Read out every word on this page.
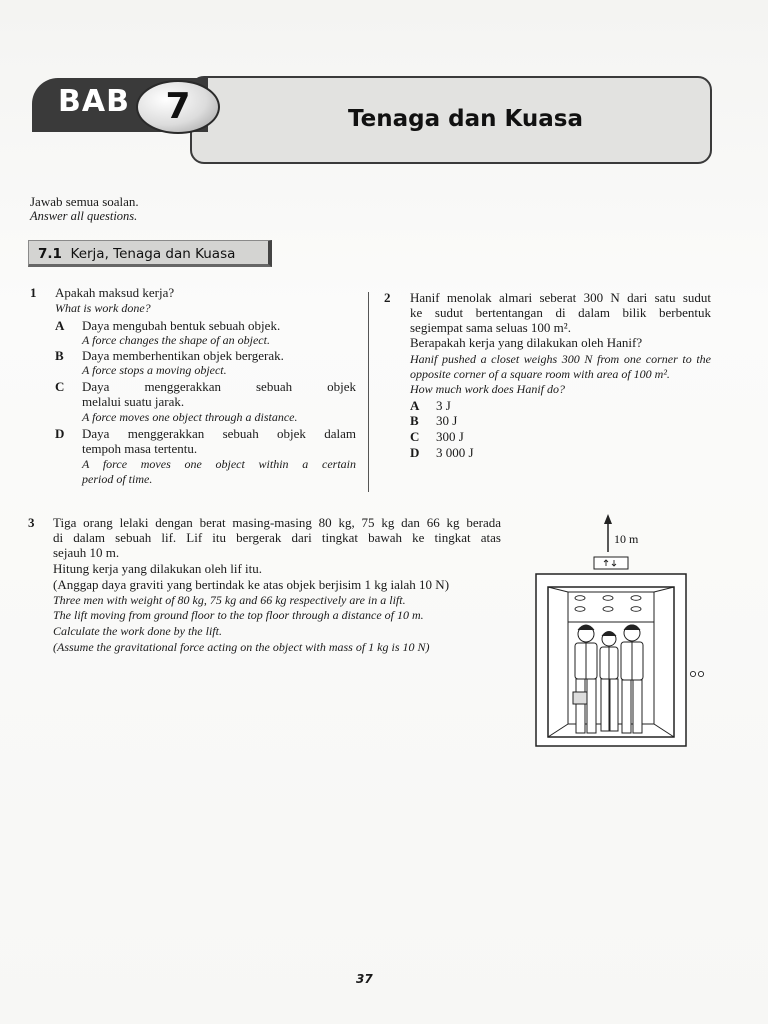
BAB 7	Tenaga dan Kuasa
Jawab semua soalan.
Answer all questions.
7.1 Kerja, Tenaga dan Kuasa
1 Apakah maksud kerja?
What is work done?
A Daya mengubah bentuk sebuah objek.
A force changes the shape of an object.
B Daya memberhentikan objek bergerak.
A force stops a moving object.
C Daya menggerakkan sebuah objek
melalui suatu jarak.
A force moves one object through a distance.
D Daya menggerakkan sebuah objek dalam
tempoh masa tertentu.
A force moves one object within a certain
period of time.
2 Hanif menolak almari seberat 300 N dari satu sudut
ke sudut bertentangan di dalam bilik berbentuk
segiempat sama seluas 100 m².
Berapakah kerja yang dilakukan oleh Hanif?
Hanif pushed a closet weighs 300 N from one corner to the
opposite corner of a square room with area of 100 m².
How much work does Hanif do?
A 3 J
B 30 J
C 300 J
D 3 000 J
3 Tiga orang lelaki dengan berat masing-masing 80 kg, 75 kg dan 66 kg berada
di dalam sebuah lif. Lif itu bergerak dari tingkat bawah ke tingkat atas
sejauh 10 m.
Hitung kerja yang dilakukan oleh lif itu.
(Anggap daya graviti yang bertindak ke atas objek berjisim 1 kg ialah 10 N)
Three men with weight of 80 kg, 75 kg and 66 kg respectively are in a lift.
The lift moving from ground floor to the top floor through a distance of 10 m.
Calculate the work done by the lift.
(Assume the gravitational force acting on the object with mass of 1 kg is 10 N)
10 m
37
